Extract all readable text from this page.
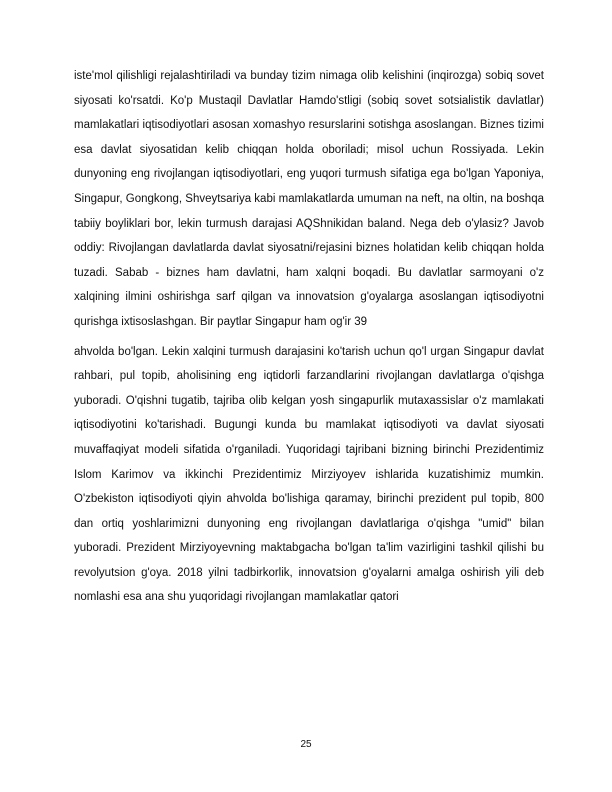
iste'mol qilishligi rejalashtiriladi va bunday tizim nimaga olib kelishini (inqirozga) sobiq sovet siyosati ko'rsatdi. Ko'p Mustaqil Davlatlar Hamdo'stligi (sobiq sovet sotsialistik davlatlar) mamlakatlari iqtisodiyotlari asosan xomashyo resurslarini sotishga asoslangan. Biznes tizimi esa davlat siyosatidan kelib chiqqan holda oboriladi; misol uchun Rossiyada. Lekin dunyoning eng rivojlangan iqtisodiyotlari, eng yuqori turmush sifatiga ega bo'lgan Yaponiya, Singapur, Gongkong, Shveytsariya kabi mamlakatlarda umuman na neft, na oltin, na boshqa tabiiy boyliklari bor, lekin turmush darajasi AQShnikidan baland. Nega deb o'ylasiz? Javob oddiy: Rivojlangan davlatlarda davlat siyosatni/rejasini biznes holatidan kelib chiqqan holda tuzadi. Sabab - biznes ham davlatni, ham xalqni boqadi. Bu davlatlar sarmoyani o'z xalqining ilmini oshirishga sarf qilgan va innovatsion g'oyalarga asoslangan iqtisodiyotni qurishga ixtisoslashgan. Bir paytlar Singapur ham og'ir 39

ahvolda bo'lgan. Lekin xalqini turmush darajasini ko'tarish uchun qo'l urgan Singapur davlat rahbari, pul topib, aholisining eng iqtidorli farzandlarini rivojlangan davlatlarga o'qishga yuboradi. O'qishni tugatib, tajriba olib kelgan yosh singapurlik mutaxassislar o'z mamlakati iqtisodiyotini ko'tarishadi. Bugungi kunda bu mamlakat iqtisodiyoti va davlat siyosati muvaffaqiyat modeli sifatida o'rganiladi. Yuqoridagi tajribani bizning birinchi Prezidentimiz Islom Karimov va ikkinchi Prezidentimiz Mirziyoyev ishlarida kuzatishimiz mumkin. O'zbekiston iqtisodiyoti qiyin ahvolda bo'lishiga qaramay, birinchi prezident pul topib, 800 dan ortiq yoshlarimizni dunyoning eng rivojlangan davlatlariga o'qishga "umid" bilan yuboradi. Prezident Mirziyoyevning maktabgacha bo'lgan ta'lim vazirligini tashkil qilishi bu revolyutsion g'oya. 2018 yilni tadbirkorlik, innovatsion g'oyalarni amalga oshirish yili deb nomlashi esa ana shu yuqoridagi rivojlangan mamlakatlar qatori

25
